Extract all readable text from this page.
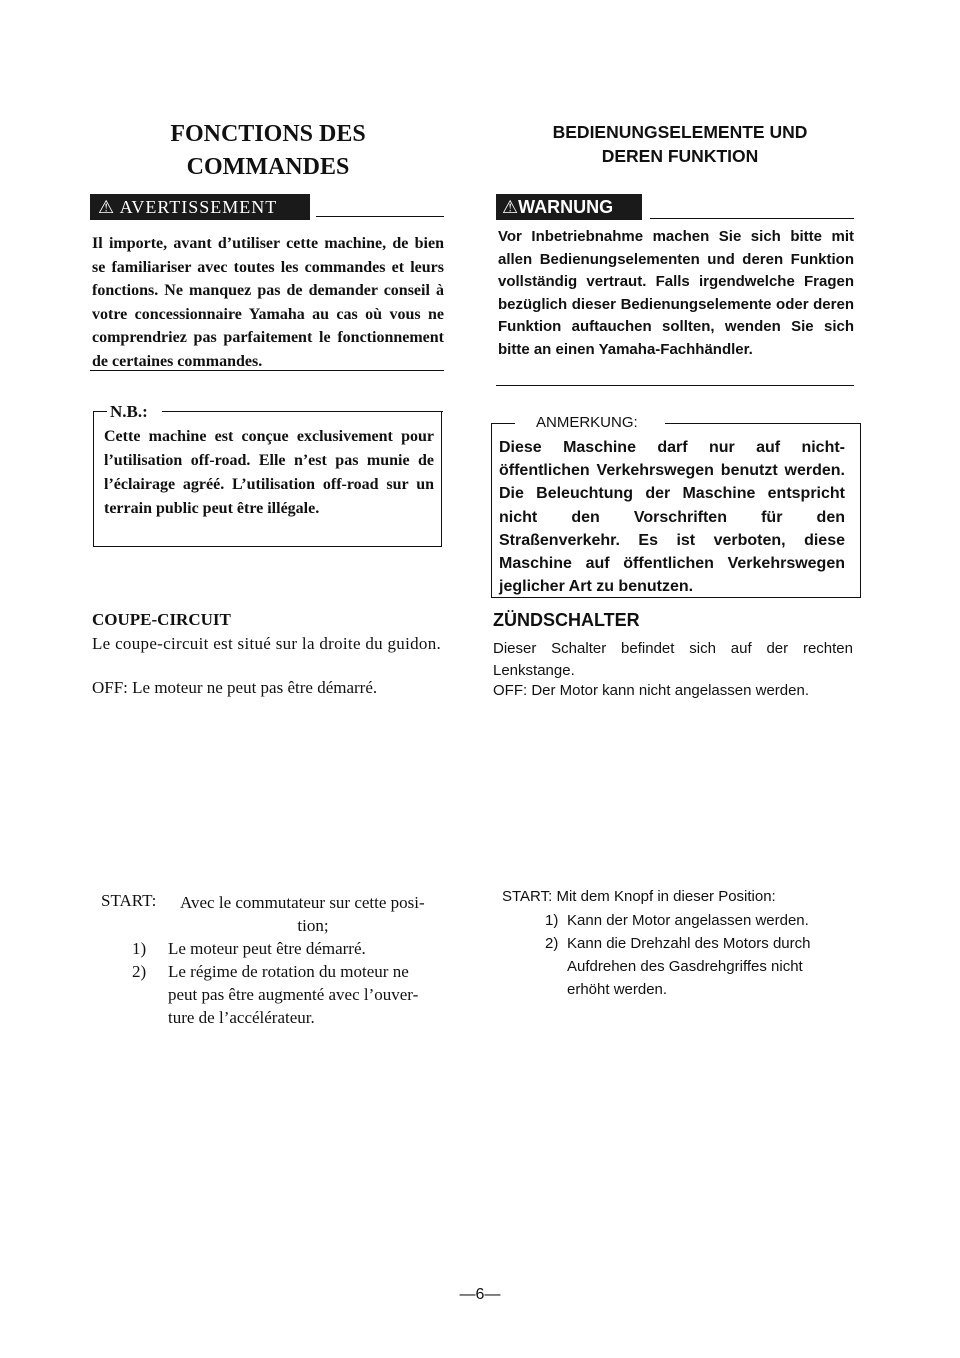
FONCTIONS DES
COMMANDES
⚠ AVERTISSEMENT
Il importe, avant d’utiliser cette machine, de bien se familiariser avec toutes les commandes et leurs fonctions. Ne manquez pas de demander conseil à votre concessionnaire Yamaha au cas où vous ne comprendriez pas parfaitement le fonctionnement de certaines commandes.
N.B.:
Cette machine est conçue exclusivement pour l’utilisation off-road. Elle n’est pas munie de l’éclairage agréé. L’utilisation off-road sur un terrain public peut être illégale.
COUPE-CIRCUIT
Le coupe-circuit est situé sur la droite du guidon.
OFF: Le moteur ne peut pas être démarré.
START: Avec le commutateur sur cette posi-
tion;
1) Le moteur peut être démarré.
2) Le régime de rotation du moteur ne
peut pas être augmenté avec l’ouver-
ture de l’accélérateur.
BEDIENUNGSELEMENTE UND
DEREN FUNKTION
⚠WARNUNG
Vor Inbetriebnahme machen Sie sich bitte mit allen Bedienungselementen und deren Funktion vollständig vertraut. Falls irgendwelche Fragen bezüglich dieser Bedienungselemente oder deren Funktion auftauchen sollten, wenden Sie sich bitte an einen Yamaha-Fachhändler.
ANMERKUNG:
Diese Maschine darf nur auf nicht-öffentlichen Verkehrswegen benutzt werden. Die Beleuchtung der Maschine entspricht nicht den Vorschriften für den Straßenverkehr. Es ist verboten, diese Maschine auf öffentlichen Verkehrswegen jeglicher Art zu benutzen.
ZÜNDSCHALTER
Dieser Schalter befindet sich auf der rechten Lenkstange.
OFF: Der Motor kann nicht angelassen werden.
START: Mit dem Knopf in dieser Position:
1) Kann der Motor angelassen werden.
2) Kann die Drehzahl des Motors durch
Aufdrehen des Gasdrehgriffes nicht
erhöht werden.
—6—
